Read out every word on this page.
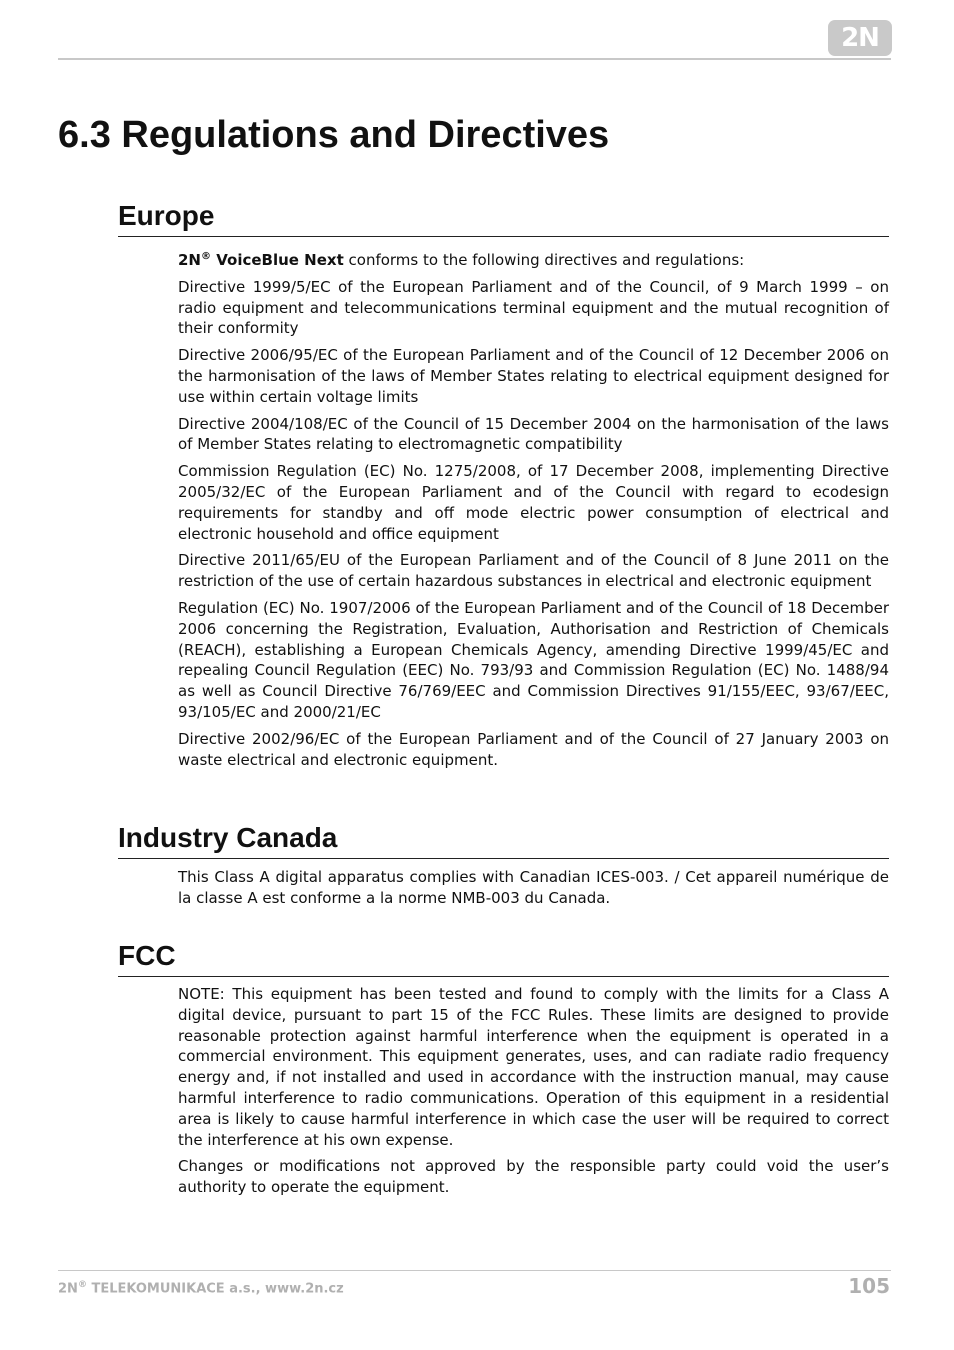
2N
6.3 Regulations and Directives
Europe

2N® VoiceBlue Next conforms to the following directives and regulations:

Directive 1999/5/EC of the European Parliament and of the Council, of 9 March 1999 – on radio equipment and telecommunications terminal equipment and the mutual recognition of their conformity

Directive 2006/95/EC of the European Parliament and of the Council of 12 December 2006 on the harmonisation of the laws of Member States relating to electrical equipment designed for use within certain voltage limits

Directive 2004/108/EC of the Council of 15 December 2004 on the harmonisation of the laws of Member States relating to electromagnetic compatibility

Commission Regulation (EC) No. 1275/2008, of 17 December 2008, implementing Directive 2005/32/EC of the European Parliament and of the Council with regard to ecodesign requirements for standby and off mode electric power consumption of electrical and electronic household and office equipment

Directive 2011/65/EU of the European Parliament and of the Council of 8 June 2011 on the restriction of the use of certain hazardous substances in electrical and electronic equipment

Regulation (EC) No. 1907/2006 of the European Parliament and of the Council of 18 December 2006 concerning the Registration, Evaluation, Authorisation and Restriction of Chemicals (REACH), establishing a European Chemicals Agency, amending Directive 1999/45/EC and repealing Council Regulation (EEC) No. 793/93 and Commission Regulation (EC) No. 1488/94 as well as Council Directive 76/769/EEC and Commission Directives 91/155/EEC, 93/67/EEC, 93/105/EC and 2000/21/EC

Directive 2002/96/EC of the European Parliament and of the Council of 27 January 2003 on waste electrical and electronic equipment.

Industry Canada

This Class A digital apparatus complies with Canadian ICES-003. / Cet appareil numérique de la classe A est conforme a la norme NMB-003 du Canada.

FCC

NOTE: This equipment has been tested and found to comply with the limits for a Class A digital device, pursuant to part 15 of the FCC Rules. These limits are designed to provide reasonable protection against harmful interference when the equipment is operated in a commercial environment. This equipment generates, uses, and can radiate radio frequency energy and, if not installed and used in accordance with the instruction manual, may cause harmful interference to radio communications. Operation of this equipment in a residential area is likely to cause harmful interference in which case the user will be required to correct the interference at his own expense.

Changes or modifications not approved by the responsible party could void the user’s authority to operate the equipment.

2N® TELEKOMUNIKACE a.s., www.2n.cz	105
